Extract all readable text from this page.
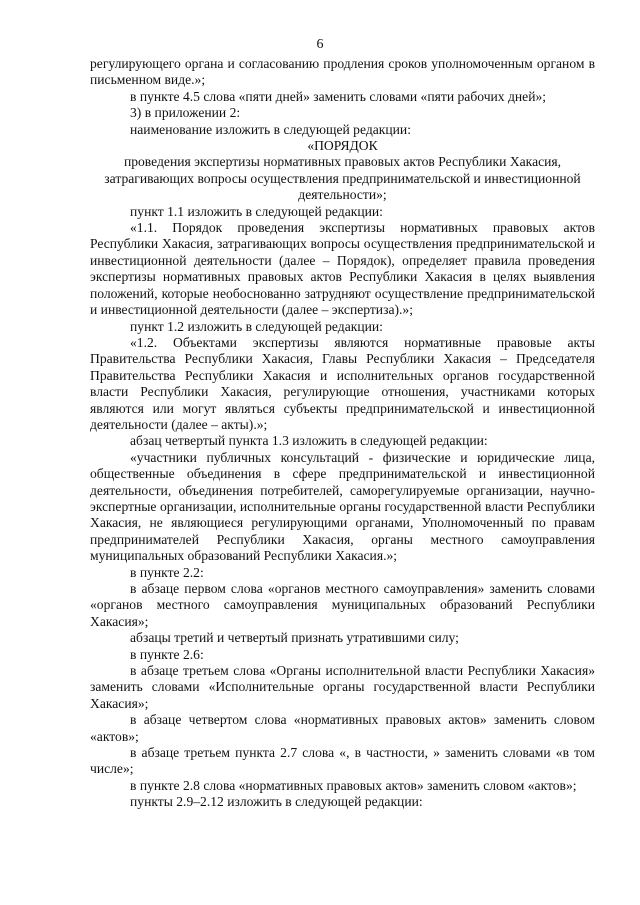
6

регулирующего органа и согласованию продления сроков уполномоченным органом в письменном виде.»;

в пункте 4.5 слова «пяти дней» заменить словами «пяти рабочих дней»;

3) в приложении 2:

наименование изложить в следующей редакции:

«ПОРЯДОК

проведения экспертизы нормативных правовых актов Республики Хакасия, затрагивающих вопросы осуществления предпринимательской и инвестиционной деятельности»;

пункт 1.1 изложить в следующей редакции:

«1.1. Порядок проведения экспертизы нормативных правовых актов Республики Хакасия, затрагивающих вопросы осуществления предпринимательской и инвестиционной деятельности (далее – Порядок), определяет правила проведения экспертизы нормативных правовых актов Республики Хакасия в целях выявления положений, которые необоснованно затрудняют осуществление предпринимательской и инвестиционной деятельности (далее – экспертиза).»;

пункт 1.2 изложить в следующей редакции:

«1.2. Объектами экспертизы являются нормативные правовые акты Правительства Республики Хакасия, Главы Республики Хакасия – Председателя Правительства Республики Хакасия и исполнительных органов государственной власти Республики Хакасия, регулирующие отношения, участниками которых являются или могут являться субъекты предпринимательской и инвестиционной деятельности (далее – акты).»;

абзац четвертый пункта 1.3 изложить в следующей редакции:

«участники публичных консультаций - физические и юридические лица, общественные объединения в сфере предпринимательской и инвестиционной деятельности, объединения потребителей, саморегулируемые организации, научно-экспертные организации, исполнительные органы государственной власти Республики Хакасия, не являющиеся регулирующими органами, Уполномоченный по правам предпринимателей Республики Хакасия, органы местного самоуправления муниципальных образований Республики Хакасия.»;

в пункте 2.2:

в абзаце первом слова «органов местного самоуправления» заменить словами «органов местного самоуправления муниципальных образований Республики Хакасия»;

абзацы третий и четвертый признать утратившими силу;

в пункте 2.6:

в абзаце третьем слова «Органы исполнительной власти Республики Хакасия» заменить словами «Исполнительные органы государственной власти Республики Хакасия»;

в абзаце четвертом слова «нормативных правовых актов» заменить словом «актов»;

в абзаце третьем пункта 2.7 слова «, в частности, » заменить словами «в том числе»;

в пункте 2.8 слова «нормативных правовых актов» заменить словом «актов»;

пункты 2.9–2.12 изложить в следующей редакции:
